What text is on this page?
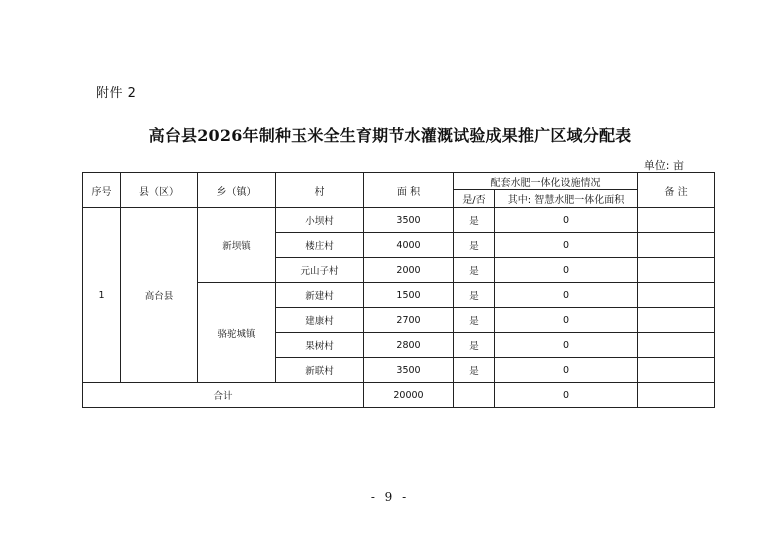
附件 2
高台县2026年制种玉米全生育期节水灌溉试验成果推广区域分配表
单位: 亩
序号	县（区）	乡（镇）	村	面 积	配套水肥一体化设施情况		备 注
					是/否	其中: 智慧水肥一体化面积	
1	高台县	新坝镇	小坝村	3500	是	0	
			楼庄村	4000	是	0	
			元山子村	2000	是	0	
		骆驼城镇	新建村	1500	是	0	
			建康村	2700	是	0	
			果树村	2800	是	0	
			新联村	3500	是	0	
合计				20000		0	
- 9 -
